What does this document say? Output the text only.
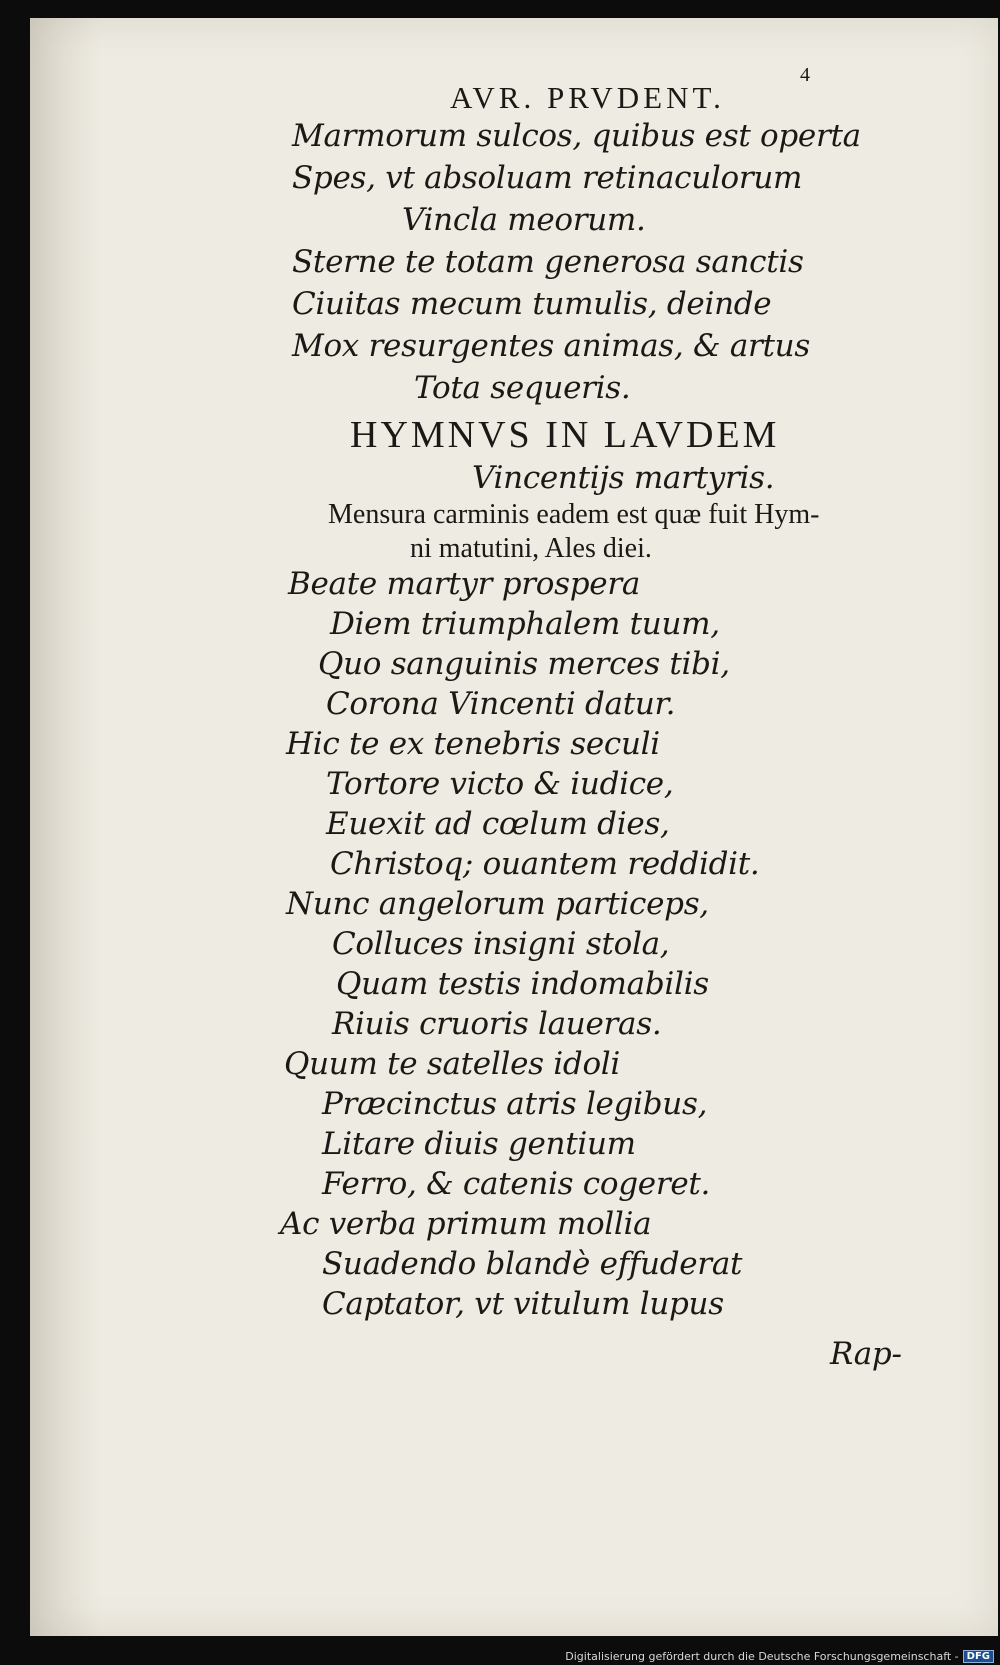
AVR. PRVDENT.
4
Marmorum sulcos, quibus est operta
Spes, vt absoluam retinaculorum
Vincla meorum.
Sterne te totam generosa sanctis
Ciuitas mecum tumulis, deinde
Mox resurgentes animas, & artus
Tota sequeris.
HYMNVS IN LAVDEM
Vincentijs martyris.
Mensura carminis eadem est quæ fuit Hym-
ni matutini, Ales diei.
Beate martyr prospera
Diem triumphalem tuum,
Quo sanguinis merces tibi,
Corona Vincenti datur.
Hic te ex tenebris seculi
Tortore victo & iudice,
Euexit ad cœlum dies,
Christoq; ouantem reddidit.
Nunc angelorum particeps,
Colluces insigni stola,
Quam testis indomabilis
Riuis cruoris laueras.
Quum te satelles idoli
Præcinctus atris legibus,
Litare diuis gentium
Ferro, & catenis cogeret.
Ac verba primum mollia
Suadendo blandè effuderat
Captator, vt vitulum lupus
Rap-
Digitalisierung gefördert durch die Deutsche Forschungsgemeinschaft - DFG
